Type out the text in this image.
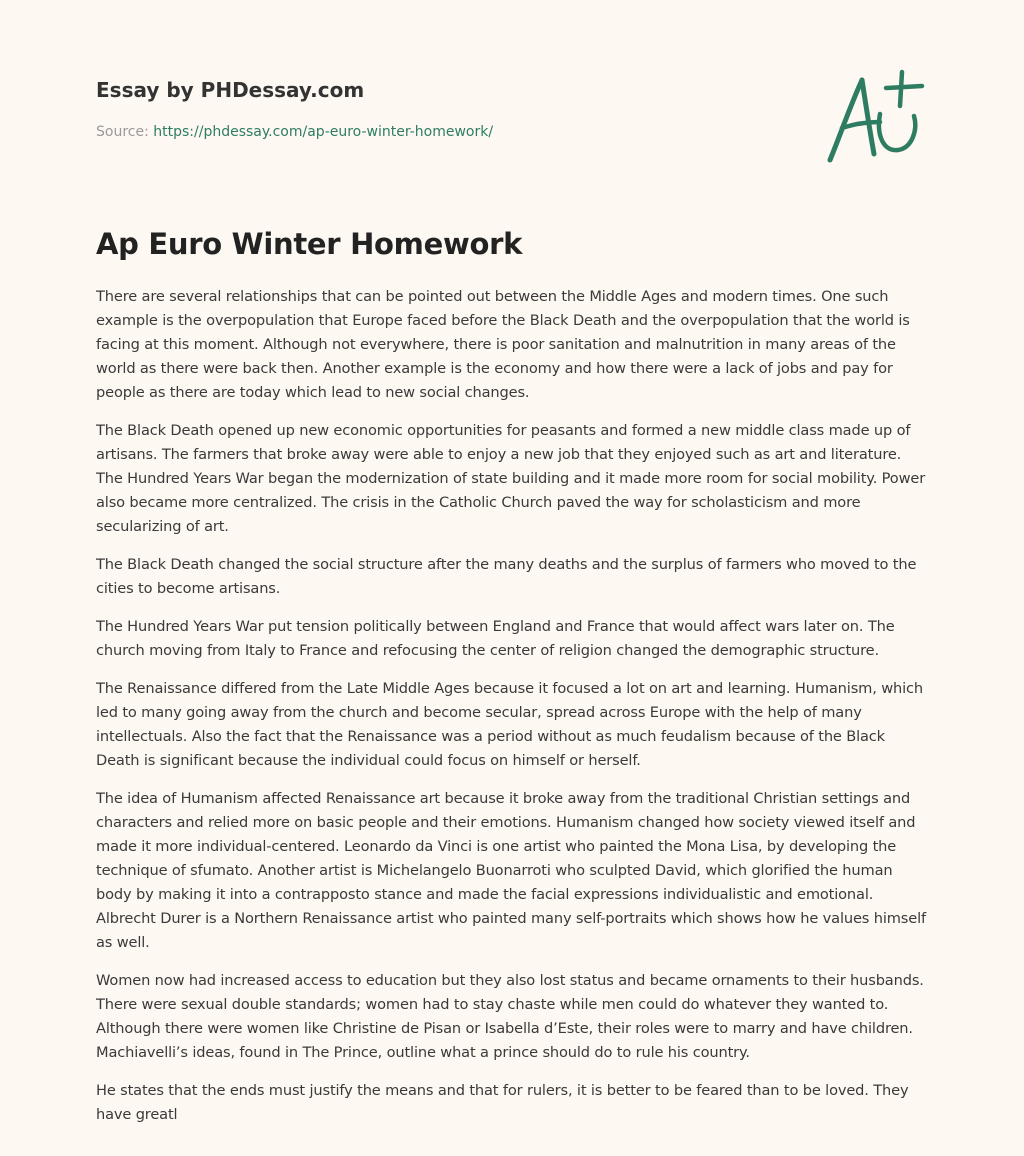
Essay by PHDessay.com
Source: https://phdessay.com/ap-euro-winter-homework/
Ap Euro Winter Homework

There are several relationships that can be pointed out between the Middle Ages and modern times. One such example is the overpopulation that Europe faced before the Black Death and the overpopulation that the world is facing at this moment. Although not everywhere, there is poor sanitation and malnutrition in many areas of the world as there were back then. Another example is the economy and how there were a lack of jobs and pay for people as there are today which lead to new social changes.

The Black Death opened up new economic opportunities for peasants and formed a new middle class made up of artisans. The farmers that broke away were able to enjoy a new job that they enjoyed such as art and literature. The Hundred Years War began the modernization of state building and it made more room for social mobility. Power also became more centralized. The crisis in the Catholic Church paved the way for scholasticism and more secularizing of art.

The Black Death changed the social structure after the many deaths and the surplus of farmers who moved to the cities to become artisans.

The Hundred Years War put tension politically between England and France that would affect wars later on. The church moving from Italy to France and refocusing the center of religion changed the demographic structure.

The Renaissance differed from the Late Middle Ages because it focused a lot on art and learning. Humanism, which led to many going away from the church and become secular, spread across Europe with the help of many intellectuals. Also the fact that the Renaissance was a period without as much feudalism because of the Black Death is significant because the individual could focus on himself or herself.

The idea of Humanism affected Renaissance art because it broke away from the traditional Christian settings and characters and relied more on basic people and their emotions. Humanism changed how society viewed itself and made it more individual-centered. Leonardo da Vinci is one artist who painted the Mona Lisa, by developing the technique of sfumato. Another artist is Michelangelo Buonarroti who sculpted David, which glorified the human body by making it into a contrapposto stance and made the facial expressions individualistic and emotional. Albrecht Durer is a Northern Renaissance artist who painted many self-portraits which shows how he values himself as well.

Women now had increased access to education but they also lost status and became ornaments to their husbands. There were sexual double standards; women had to stay chaste while men could do whatever they wanted to. Although there were women like Christine de Pisan or Isabella d’Este, their roles were to marry and have children. Machiavelli’s ideas, found in The Prince, outline what a prince should do to rule his country.

He states that the ends must justify the means and that for rulers, it is better to be feared than to be loved. They have greatl
